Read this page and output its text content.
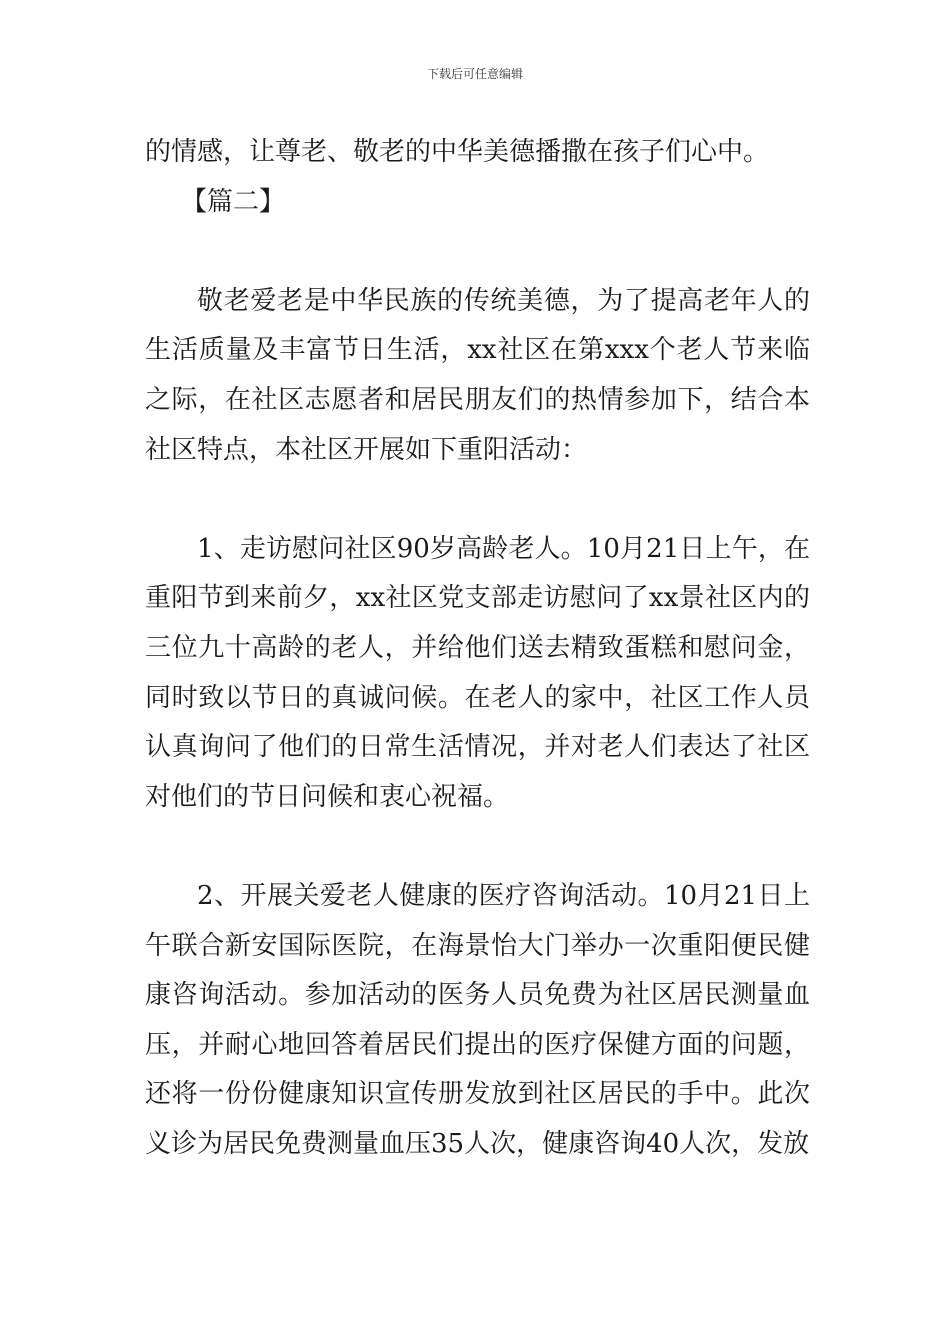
下载后可任意编辑

的情感，让尊老、敬老的中华美德播撒在孩子们心中。

【篇二】

敬老爱老是中华民族的传统美德，为了提高老年人的生活质量及丰富节日生活，xx社区在第xxx个老人节来临之际，在社区志愿者和居民朋友们的热情参加下，结合本社区特点，本社区开展如下重阳活动：

1、走访慰问社区90岁高龄老人。10月21日上午，在重阳节到来前夕，xx社区党支部走访慰问了xx景社区内的三位九十高龄的老人，并给他们送去精致蛋糕和慰问金，同时致以节日的真诚问候。在老人的家中，社区工作人员认真询问了他们的日常生活情况，并对老人们表达了社区对他们的节日问候和衷心祝福。

2、开展关爱老人健康的医疗咨询活动。10月21日上午联合新安国际医院，在海景怡大门举办一次重阳便民健康咨询活动。参加活动的医务人员免费为社区居民测量血压，并耐心地回答着居民们提出的医疗保健方面的问题，还将一份份健康知识宣传册发放到社区居民的手中。此次义诊为居民免费测量血压35人次，健康咨询40人次，发放
